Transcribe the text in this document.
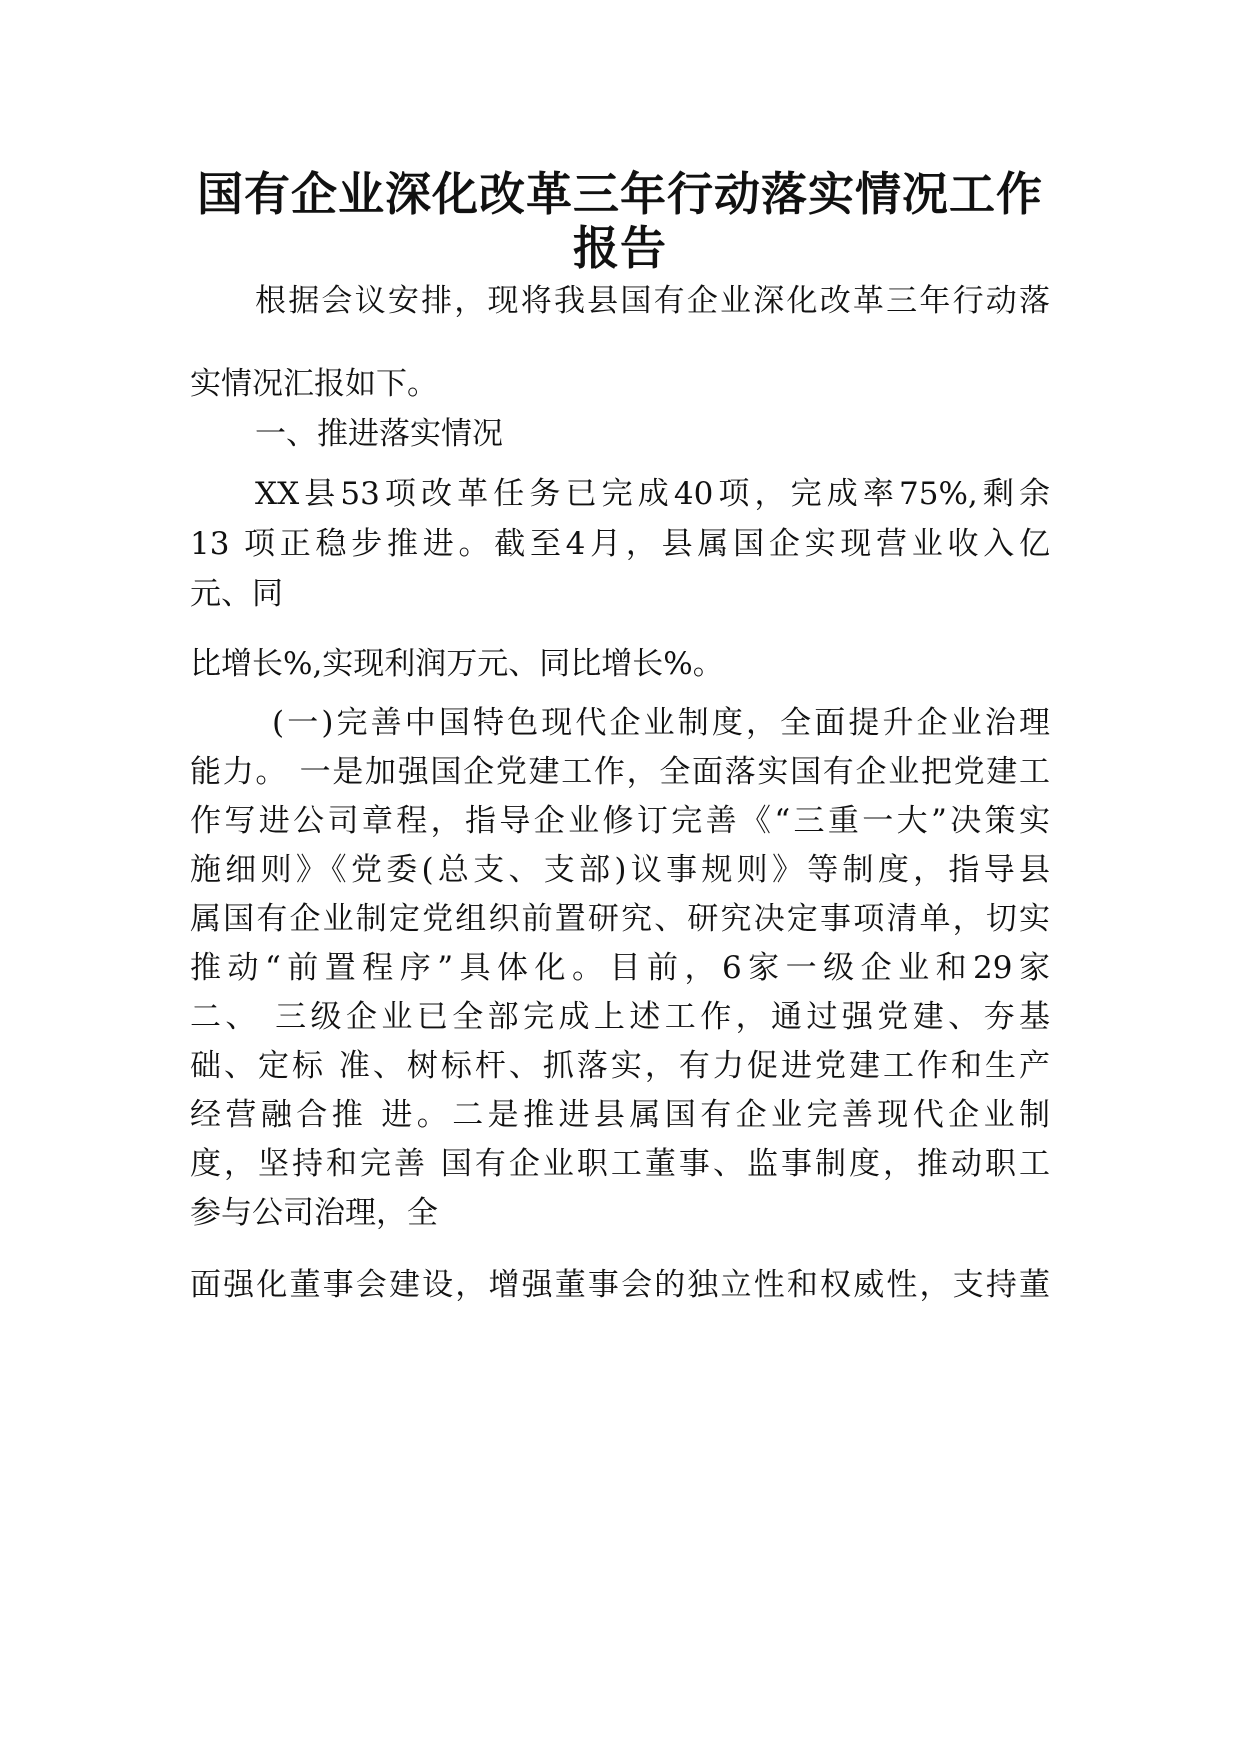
国有企业深化改革三年行动落实情况工作
报告

根据会议安排，现将我县国有企业深化改革三年行动落

实情况汇报如下。

一、推进落实情况

XX县53项改革任务已完成40项，完成率75%,剩余

13 项正稳步推进。截至4月，县属国企实现营业收入亿

元、同

比增长%,实现利润万元、同比增长%。

(一)完善中国特色现代企业制度，全面提升企业治理

能力。 一是加强国企党建工作，全面落实国有企业把党建工

作写进公司章程，指导企业修订完善《“三重一大”决策实

施细则》《党委(总支、支部)议事规则》等制度，指导县

属国有企业制定党组织前置研究、研究决定事项清单，切实

推动“前置程序”具体化。目前，6家一级企业和29家

二、 三级企业已全部完成上述工作，通过强党建、夯基

础、定标 准、树标杆、抓落实，有力促进党建工作和生产

经营融合推 进。二是推进县属国有企业完善现代企业制

度，坚持和完善 国有企业职工董事、监事制度，推动职工

参与公司治理，全

面强化董事会建设，增强董事会的独立性和权威性，支持董
